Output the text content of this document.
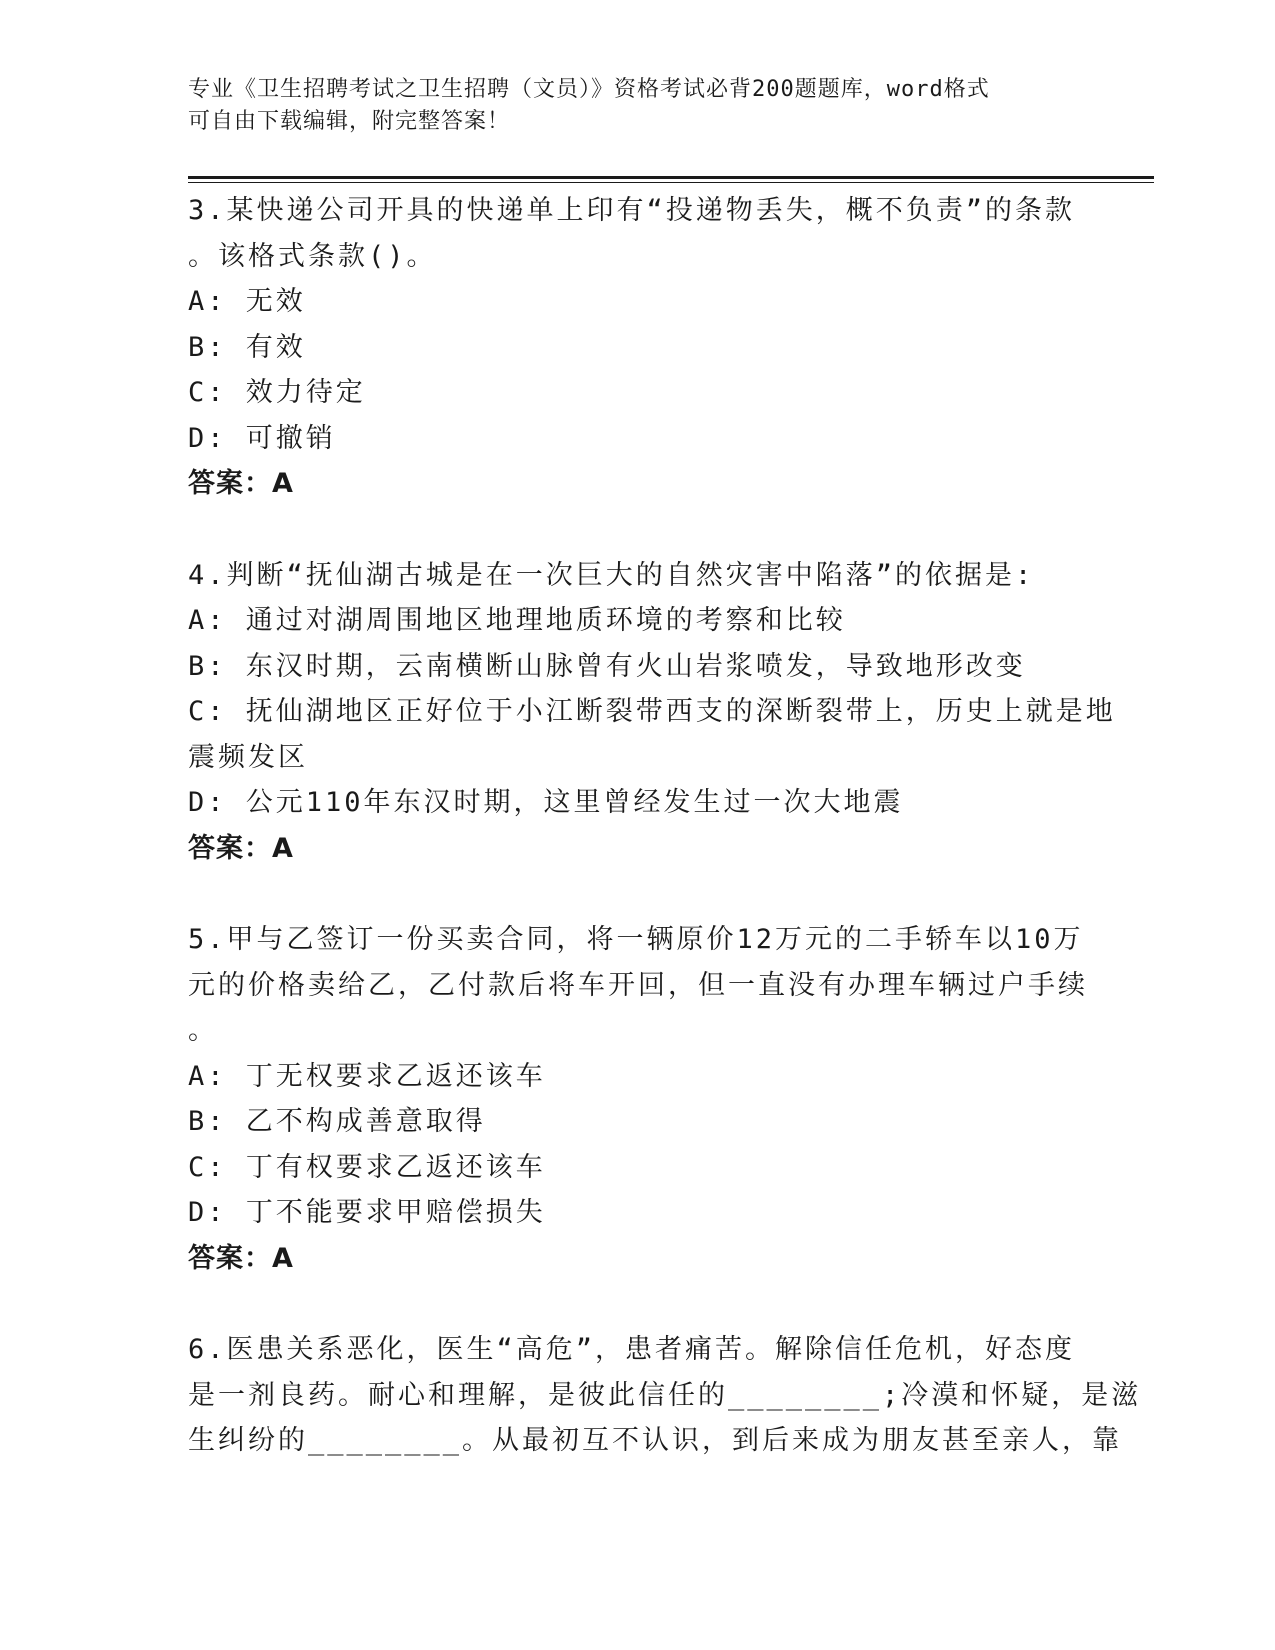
专业《卫生招聘考试之卫生招聘（文员）》资格考试必背200题题库，word格式
可自由下载编辑，附完整答案！
3.某快递公司开具的快递单上印有“投递物丢失，概不负责”的条款
。该格式条款()。
A: 无效
B: 有效
C: 效力待定
D: 可撤销
答案：A
4.判断“抚仙湖古城是在一次巨大的自然灾害中陷落”的依据是:
A: 通过对湖周围地区地理地质环境的考察和比较
B: 东汉时期，云南横断山脉曾有火山岩浆喷发，导致地形改变
C: 抚仙湖地区正好位于小江断裂带西支的深断裂带上，历史上就是地
震频发区
D: 公元110年东汉时期，这里曾经发生过一次大地震
答案：A
5.甲与乙签订一份买卖合同，将一辆原价12万元的二手轿车以10万
元的价格卖给乙，乙付款后将车开回，但一直没有办理车辆过户手续
。
A: 丁无权要求乙返还该车
B: 乙不构成善意取得
C: 丁有权要求乙返还该车
D: 丁不能要求甲赔偿损失
答案：A
6.医患关系恶化，医生“高危”，患者痛苦。解除信任危机，好态度
是一剂良药。耐心和理解，是彼此信任的________;冷漠和怀疑，是滋
生纠纷的________。从最初互不认识，到后来成为朋友甚至亲人，靠
